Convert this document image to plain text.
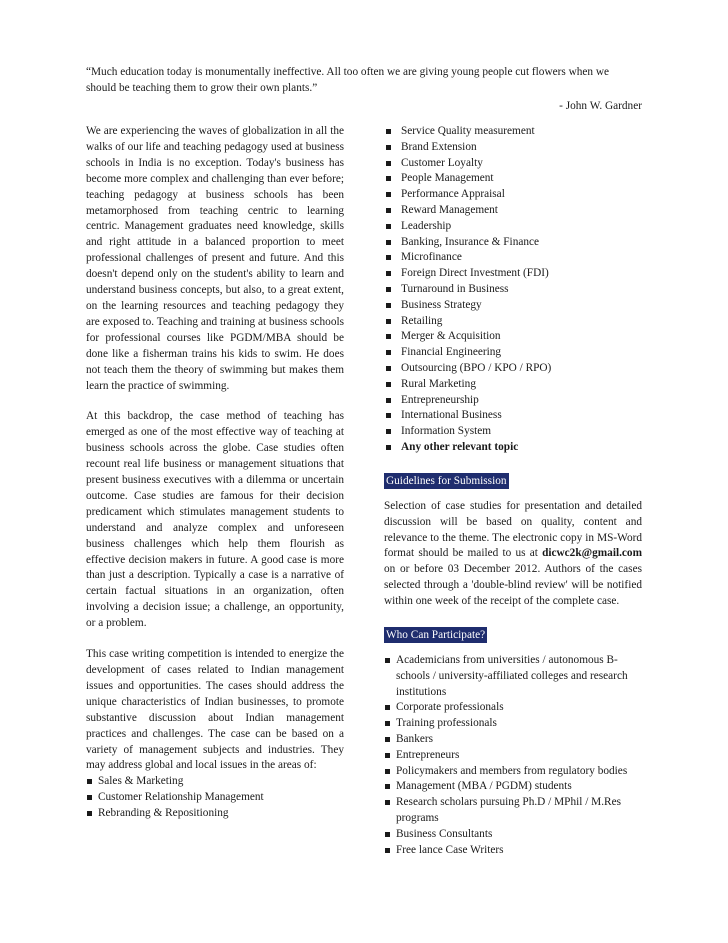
“Much education today is monumentally ineffective. All too often we are giving young people cut flowers when we should be teaching them to grow their own plants.”

- John W. Gardner

We are experiencing the waves of globalization in all the walks of our life and teaching pedagogy used at business schools in India is no exception. Today's business has become more complex and challenging than ever before; teaching pedagogy at business schools has been metamorphosed from teaching centric to learning centric. Management graduates need knowledge, skills and right attitude in a balanced proportion to meet professional challenges of present and future. And this doesn't depend only on the student's ability to learn and understand business concepts, but also, to a great extent, on the learning resources and teaching pedagogy they are exposed to. Teaching and training at business schools for professional courses like PGDM/MBA should be done like a fisherman trains his kids to swim. He does not teach them the theory of swimming but makes them learn the practice of swimming.

At this backdrop, the case method of teaching has emerged as one of the most effective way of teaching at business schools across the globe. Case studies often recount real life business or management situations that present business executives with a dilemma or uncertain outcome. Case studies are famous for their decision predicament which stimulates management students to understand and analyze complex and unforeseen business challenges which help them flourish as effective decision makers in future. A good case is more than just a description. Typically a case is a narrative of certain factual situations in an organization, often involving a decision issue; a challenge, an opportunity, or a problem.

This case writing competition is intended to energize the development of cases related to Indian management issues and opportunities. The cases should address the unique characteristics of Indian businesses, to promote substantive discussion about Indian management practices and challenges. The case can be based on a variety of management subjects and industries. They may address global and local issues in the areas of:

Sales & Marketing
Customer Relationship Management
Rebranding & Repositioning
Service Quality measurement
Brand Extension
Customer Loyalty
People Management
Performance Appraisal
Reward Management
Leadership
Banking, Insurance & Finance
Microfinance
Foreign Direct Investment (FDI)
Turnaround in Business
Business Strategy
Retailing
Merger & Acquisition
Financial Engineering
Outsourcing (BPO / KPO / RPO)
Rural Marketing
Entrepreneurship
International Business
Information System
Any other relevant topic
Guidelines for Submission

Selection of case studies for presentation and detailed discussion will be based on quality, content and relevance to the theme. The electronic copy in MS-Word format should be mailed to us at dicwc2k@gmail.com on or before 03 December 2012. Authors of the cases selected through a 'double-blind review' will be notified within one week of the receipt of the complete case.

Who Can Participate?
Academicians from universities / autonomous B-schools / university-affiliated colleges and research institutions
Corporate professionals
Training professionals
Bankers
Entrepreneurs
Policymakers and members from regulatory bodies
Management (MBA / PGDM) students
Research scholars pursuing Ph.D / MPhil / M.Res programs
Business Consultants
Free lance Case Writers
